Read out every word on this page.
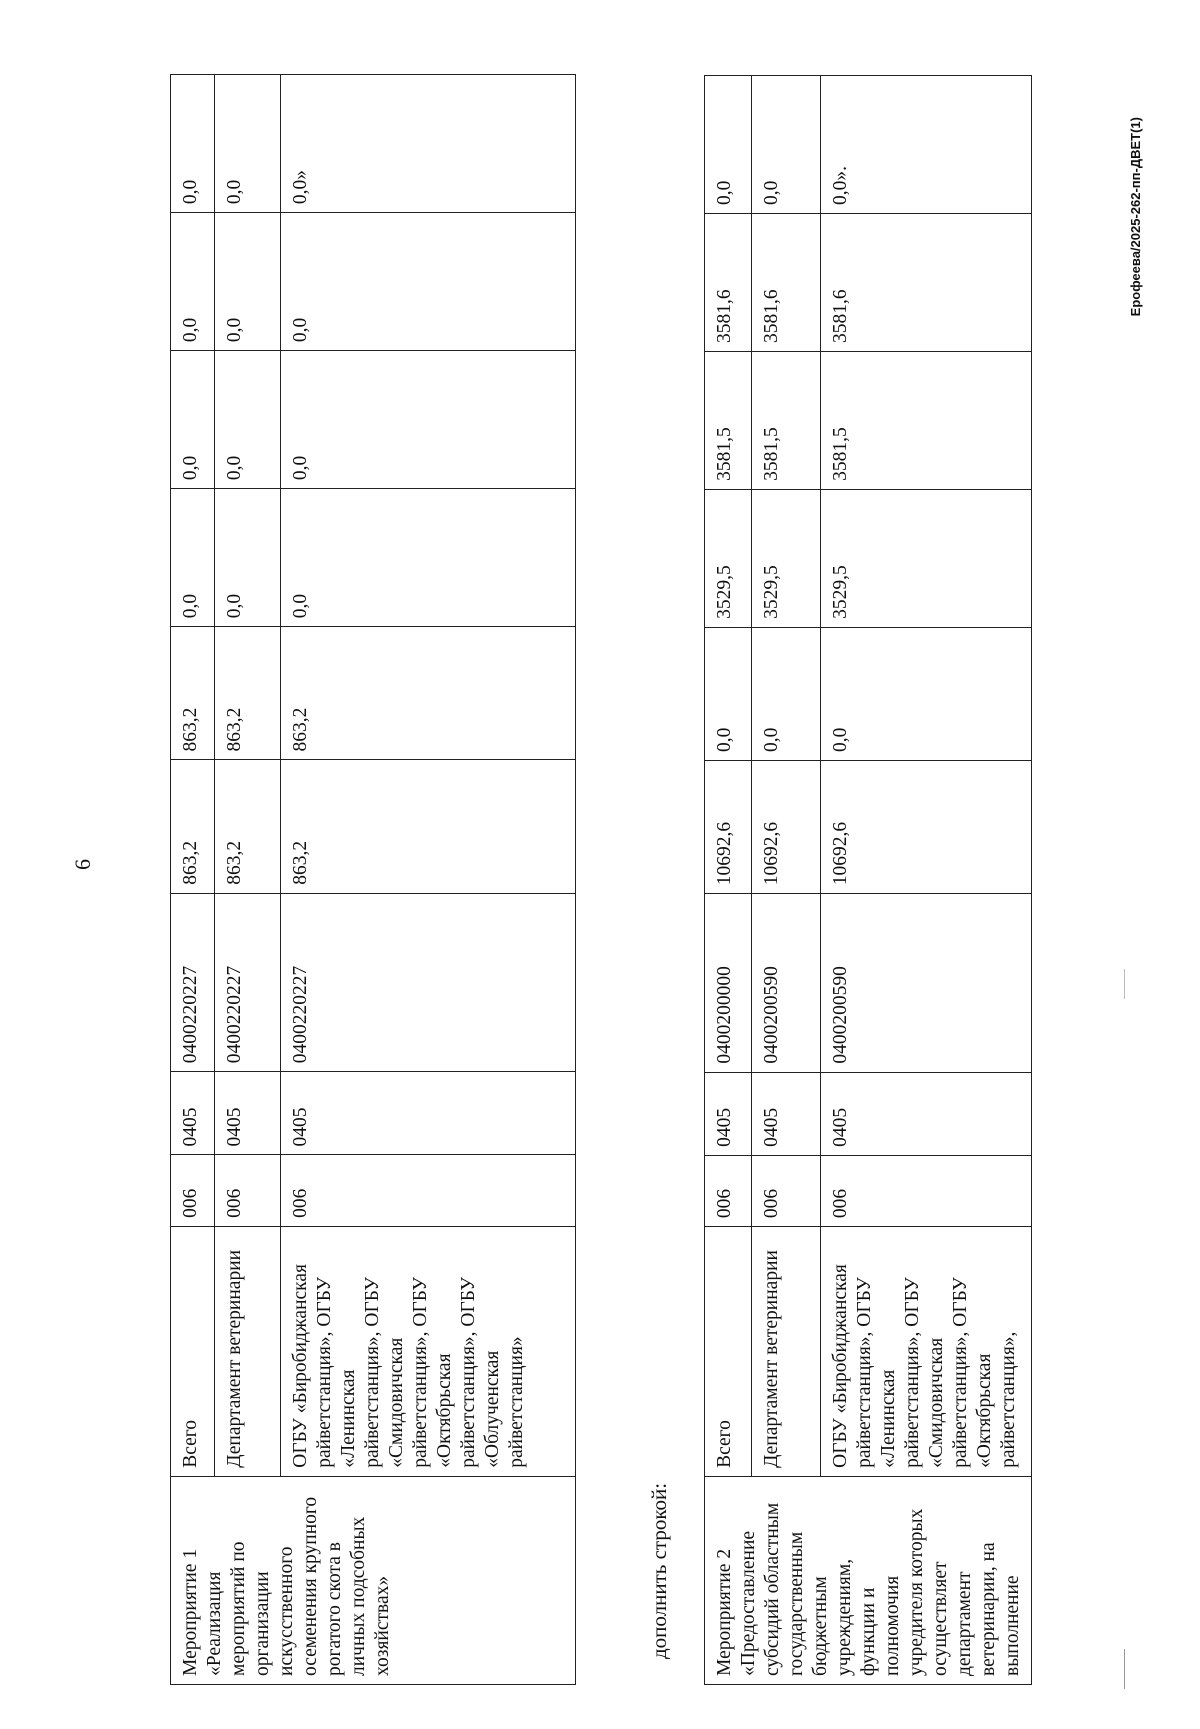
6
Мероприятие 1 «Реализация мероприятий по организации искусственного осеменения крупного рогатого скота в личных подсобных хозяйствах»	Всего	006	0405	0400220227	863,2	863,2	0,0	0,0	0,0	0,0
	Департамент ветеринарии	006	0405	0400220227	863,2	863,2	0,0	0,0	0,0	0,0
	ОГБУ «Биробиджанская райветстанция», ОГБУ «Ленинская райветстанция», ОГБУ «Смидовичская райветстанция», ОГБУ «Октябрьская райветстанция», ОГБУ «Облученская райветстанция»	006	0405	0400220227	863,2	863,2	0,0	0,0	0,0	0,0»
дополнить строкой: Мероприятие 2 «Предоставление субсидий областным государственным бюджетным учреждениям, функции и полномочия учредителя которых осуществляет департамент ветеринарии, на выполнение	Всего	006	0405	0400200000	10692,6	0,0	3529,5	3581,5	3581,6	0,0
	Департамент ветеринарии	006	0405	0400200590	10692,6	0,0	3529,5	3581,5	3581,6	0,0
	ОГБУ «Биробиджанская райветстанция», ОГБУ «Ленинская райветстанция», ОГБУ «Смидовичская райветстанция», ОГБУ «Октябрьская райветстанция»,	006	0405	0400200590	10692,6	0,0	3529,5	3581,5	3581,6	0,0».	Ерофеева/2025-262-пп-ДВЕТ(1)
